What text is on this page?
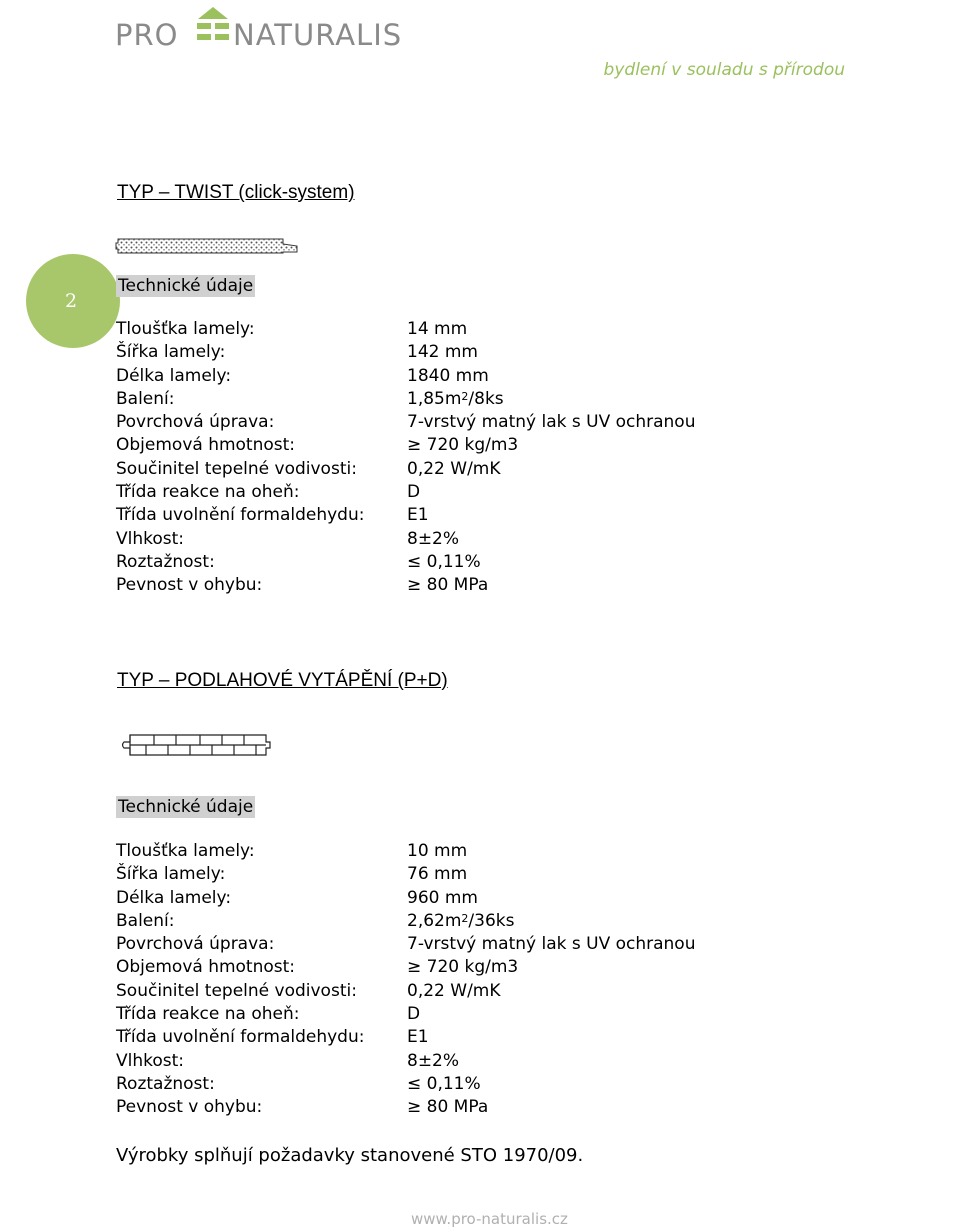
PRO NATURALIS
bydlení v souladu s přírodou
2
TYP – TWIST (click-system)
Technické údaje
Tloušťka lamely:	14 mm
Šířka lamely:	142 mm
Délka lamely:	1840 mm
Balení:	$1,85m^2/8ks$
Povrchová úprava:	7-vrstvý matný lak s UV ochranou
Objemová hmotnost:	≥ 720 kg/m3
Součinitel tepelné vodivosti:	0,22 W/mK
Třída reakce na oheň:	D
Třída uvolnění formaldehydu:	E1
Vlhkost:	8±2%
Roztažnost:	≤ 0,11%
Pevnost v ohybu:	≥ 80 MPa
TYP – PODLAHOVÉ VYTÁPĚNÍ (P+D)
Technické údaje
Tloušťka lamely:	10 mm
Šířka lamely:	76 mm
Délka lamely:	960 mm
Balení:	$2,62m^2/36ks$
Povrchová úprava:	7-vrstvý matný lak s UV ochranou
Objemová hmotnost:	≥ 720 kg/m3
Součinitel tepelné vodivosti:	0,22 W/mK
Třída reakce na oheň:	D
Třída uvolnění formaldehydu:	E1
Vlhkost:	8±2%
Roztažnost:	≤ 0,11%
Pevnost v ohybu:	≥ 80 MPa
Výrobky splňují požadavky stanovené STO 1970/09.
www.pro-naturalis.cz
